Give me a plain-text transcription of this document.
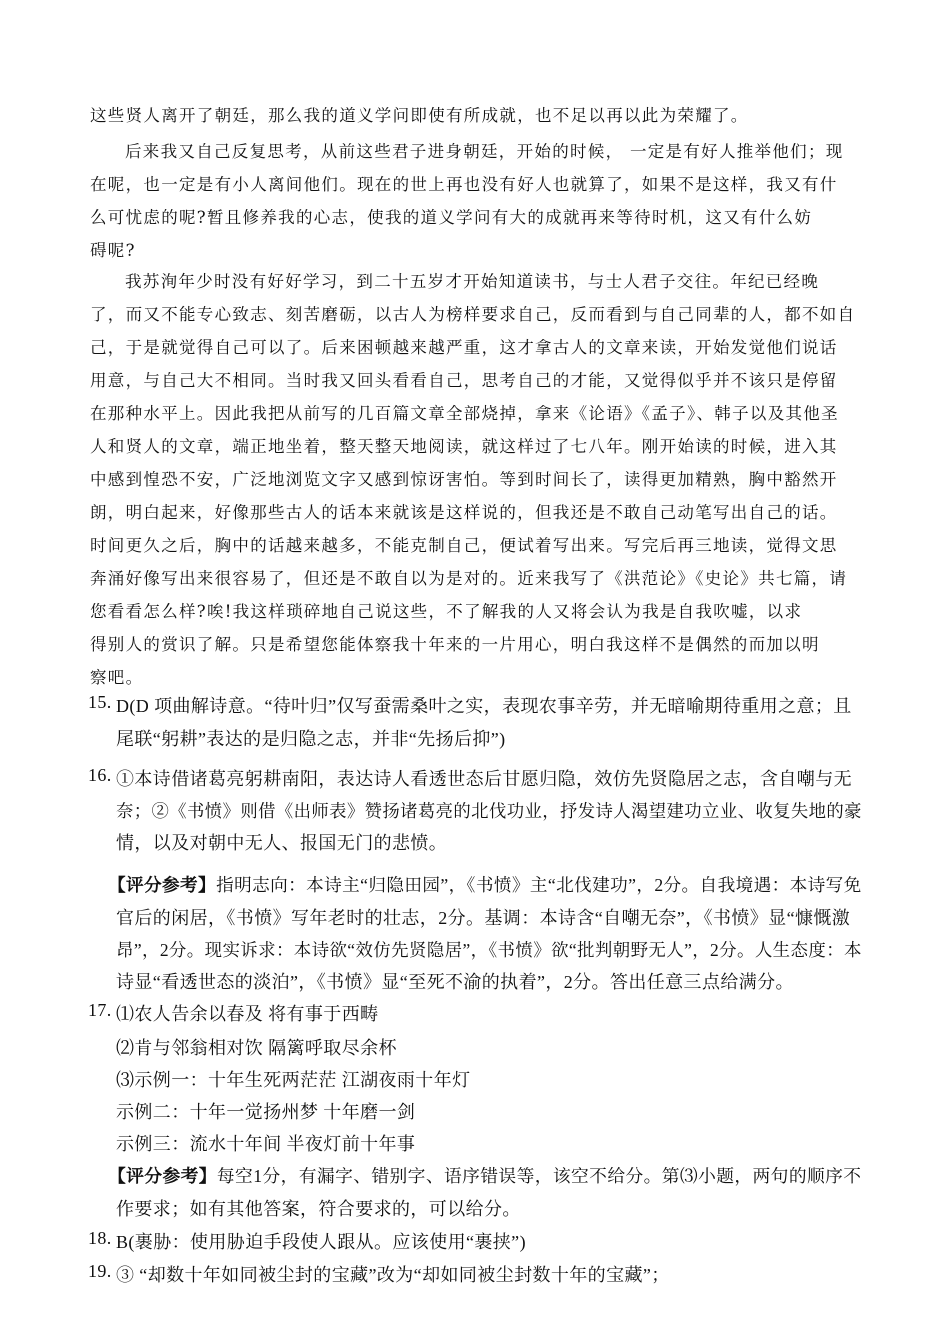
这些贤人离开了朝廷，那么我的道义学问即使有所成就，也不足以再以此为荣耀了。
后来我又自己反复思考，从前这些君子进身朝廷，开始的时候， 一定是有好人推举他们；现
在呢，也一定是有小人离间他们。现在的世上再也没有好人也就算了，如果不是这样，我又有什
么可忧虑的呢?暂且修养我的心志，使我的道义学问有大的成就再来等待时机，这又有什么妨
碍呢?
我苏洵年少时没有好好学习，到二十五岁才开始知道读书，与士人君子交往。年纪已经晚
了，而又不能专心致志、刻苦磨砺，以古人为榜样要求自己，反而看到与自己同辈的人，都不如自
己，于是就觉得自己可以了。后来困顿越来越严重，这才拿古人的文章来读，开始发觉他们说话
用意，与自己大不相同。当时我又回头看看自己，思考自己的才能，又觉得似乎并不该只是停留
在那种水平上。因此我把从前写的几百篇文章全部烧掉，拿来《论语》《孟子》、韩子以及其他圣
人和贤人的文章，端正地坐着，整天整天地阅读，就这样过了七八年。刚开始读的时候，进入其
中感到惶恐不安，广泛地浏览文字又感到惊讶害怕。等到时间长了，读得更加精熟，胸中豁然开
朗，明白起来，好像那些古人的话本来就该是这样说的，但我还是不敢自己动笔写出自己的话。
时间更久之后，胸中的话越来越多，不能克制自己，便试着写出来。写完后再三地读，觉得文思
奔涌好像写出来很容易了，但还是不敢自以为是对的。近来我写了《洪范论》《史论》共七篇，请
您看看怎么样?唉!我这样琐碎地自己说这些，不了解我的人又将会认为我是自我吹嘘，以求
得别人的赏识了解。只是希望您能体察我十年来的一片用心，明白我这样不是偶然的而加以明
察吧。
15. D(D 项曲解诗意。“待叶归”仅写蚕需桑叶之实，表现农事辛劳，并无暗喻期待重用之意；且
尾联“躬耕”表达的是归隐之志，并非“先扬后抑”)
16. ①本诗借诸葛亮躬耕南阳，表达诗人看透世态后甘愿归隐，效仿先贤隐居之志，含自嘲与无
奈；②《书愤》则借《出师表》赞扬诸葛亮的北伐功业，抒发诗人渴望建功立业、收复失地的豪
情，以及对朝中无人、报国无门的悲愤。
【评分参考】指明志向：本诗主“归隐田园”，《书愤》主“北伐建功”，2分。自我境遇：本诗写免
官后的闲居，《书愤》写年老时的壮志，2分。基调：本诗含“自嘲无奈”，《书愤》显“慷慨激
昂”，2分。现实诉求：本诗欲“效仿先贤隐居”，《书愤》欲“批判朝野无人”，2分。人生态度：本
诗显“看透世态的淡泊”，《书愤》显“至死不渝的执着”，2分。答出任意三点给满分。
17. ⑴农人告余以春及 将有事于西畴
⑵肯与邻翁相对饮 隔篱呼取尽余杯
⑶示例一：十年生死两茫茫 江湖夜雨十年灯
示例二：十年一觉扬州梦 十年磨一剑
示例三：流水十年间 半夜灯前十年事
【评分参考】每空1分，有漏字、错别字、语序错误等，该空不给分。第⑶小题，两句的顺序不
作要求；如有其他答案，符合要求的，可以给分。
18. B(裹胁：使用胁迫手段使人跟从。应该使用“裹挟”)
19. ③ “却数十年如同被尘封的宝藏”改为“却如同被尘封数十年的宝藏”；
